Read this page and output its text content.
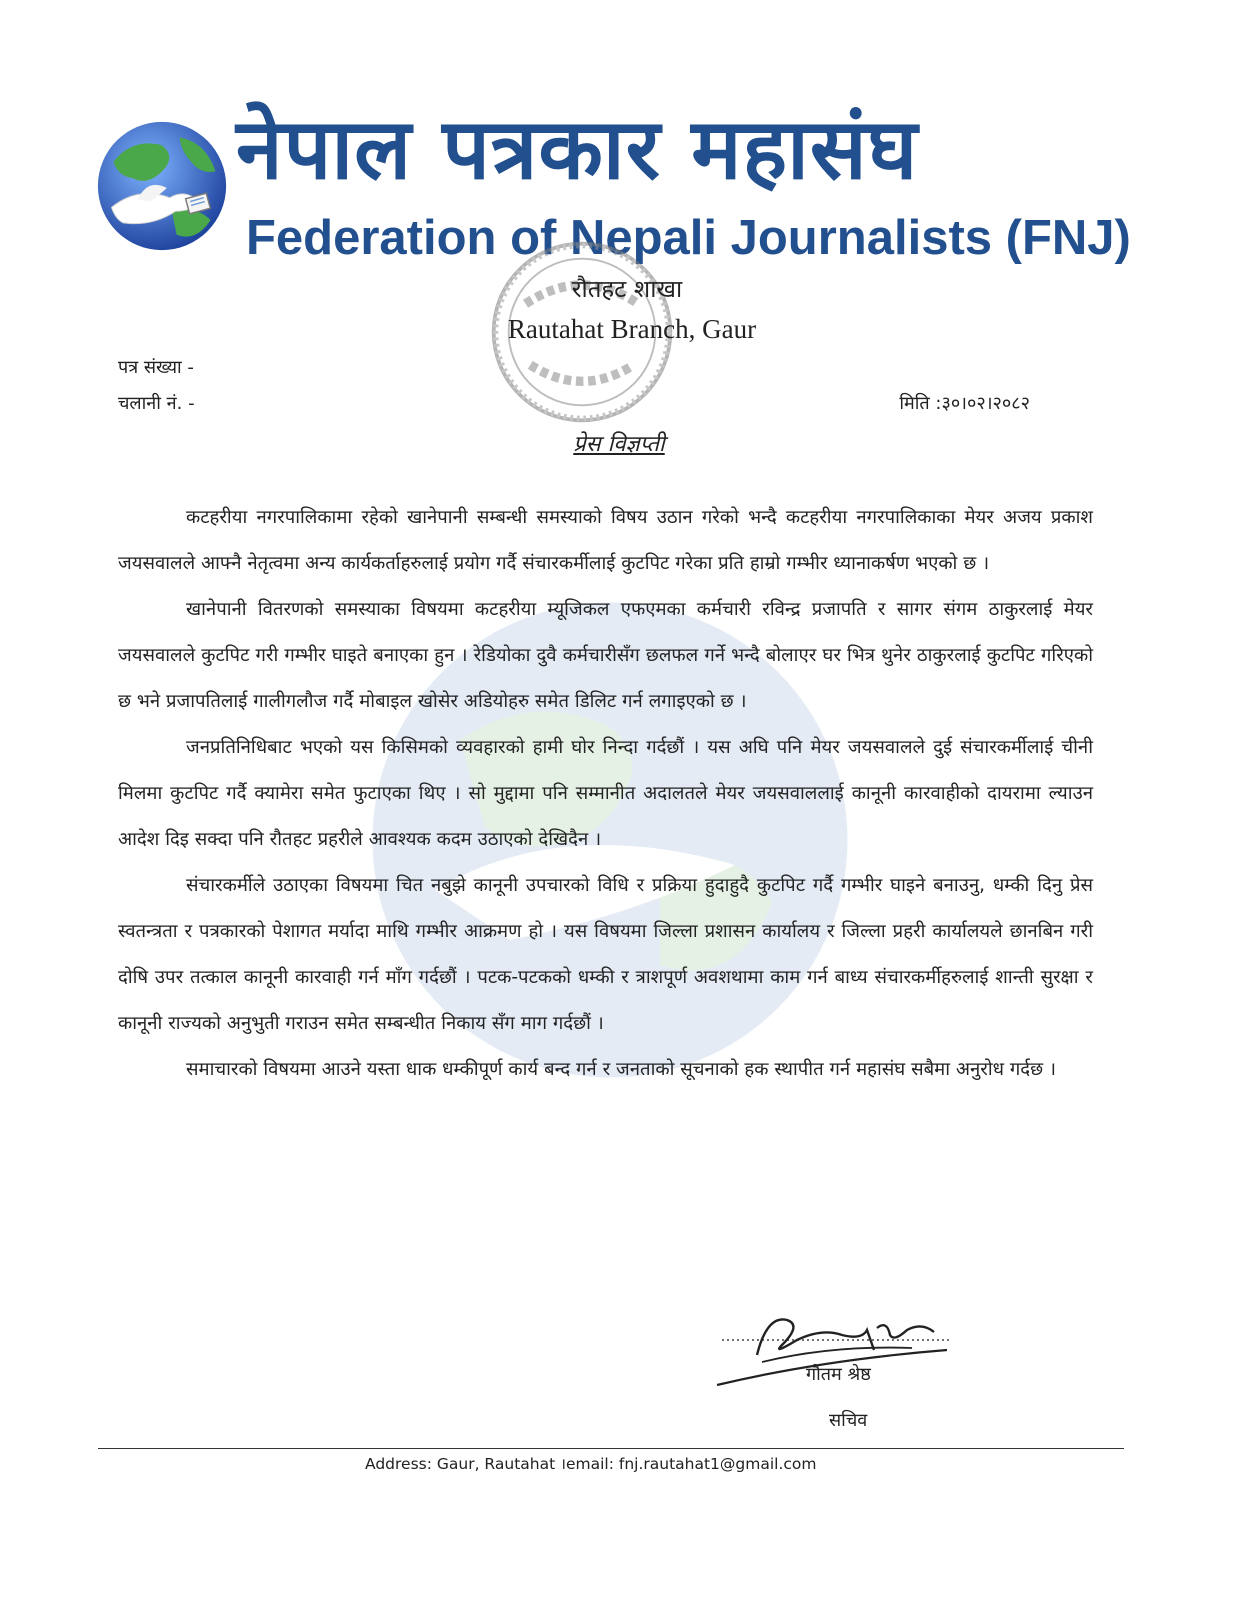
नेपाल पत्रकार महासंघ
Federation of Nepali Journalists (FNJ)
रौतहट शाखा
Rautahat Branch, Gaur
पत्र संख्या -
चलानी नं. -	मिति :३०।०२।२०८२
प्रेस विज्ञप्ती

कटहरीया नगरपालिकामा रहेको खानेपानी सम्बन्धी समस्याको विषय उठान गरेको भन्दै कटहरीया नगरपालिकाका मेयर अजय प्रकाश जयसवालले आफ्नै नेतृत्वमा अन्य कार्यकर्ताहरुलाई प्रयोग गर्दै संचारकर्मीलाई कुटपिट गरेका प्रति हाम्रो गम्भीर ध्यानाकर्षण भएको छ ।

खानेपानी वितरणको समस्याका विषयमा कटहरीया म्यूजिकल एफएमका कर्मचारी रविन्द्र प्रजापति र सागर संगम ठाकुरलाई मेयर जयसवालले कुटपिट गरी गम्भीर घाइते बनाएका हुन । रेडियोका दुवै कर्मचारीसँग छलफल गर्ने भन्दै बोलाएर घर भित्र थुनेर ठाकुरलाई कुटपिट गरिएको छ भने प्रजापतिलाई गालीगलौज गर्दै मोबाइल खोसेर अडियोहरु समेत डिलिट गर्न लगाइएको छ ।

जनप्रतिनिधिबाट भएको यस किसिमको व्यवहारको हामी घोर निन्दा गर्दछौं । यस अघि पनि मेयर जयसवालले दुई संचारकर्मीलाई चीनी मिलमा कुटपिट गर्दै क्यामेरा समेत फुटाएका थिए । सो मुद्दामा पनि सम्मानीत अदालतले मेयर जयसवाललाई कानूनी कारवाहीको दायरामा ल्याउन आदेश दिइ सक्दा पनि रौतहट प्रहरीले आवश्यक कदम उठाएको देखिदैन ।

संचारकर्मीले उठाएका विषयमा चित नबुझे कानूनी उपचारको विधि र प्रक्रिया हुदाहुदै कुटपिट गर्दै गम्भीर घाइने बनाउनु, धम्की दिनु प्रेस स्वतन्त्रता र पत्रकारको पेशागत मर्यादा माथि गम्भीर आक्रमण हो । यस विषयमा जिल्ला प्रशासन कार्यालय र जिल्ला प्रहरी कार्यालयले छानबिन गरी दोषि उपर तत्काल कानूनी कारवाही गर्न माँग गर्दछौं । पटक-पटकको धम्की र त्राशपूर्ण अवशथामा काम गर्न बाध्य संचारकर्मीहरुलाई शान्ती सुरक्षा र कानूनी राज्यको अनुभुती गराउन समेत सम्बन्धीत निकाय सँग माग गर्दछौं ।

समाचारको विषयमा आउने यस्ता धाक धम्कीपूर्ण कार्य बन्द गर्न र जनताको सूचनाको हक स्थापीत गर्न महासंघ सबैमा अनुरोध गर्दछ ।

गौतम श्रेष्ठ
सचिव
Address: Gaur, Rautahat ।email: fnj.rautahat1@gmail.com
